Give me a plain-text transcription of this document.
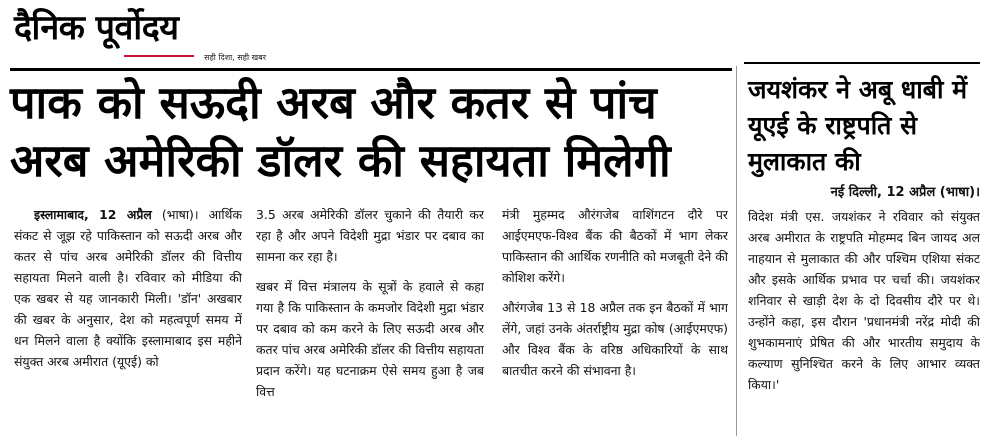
दैनिक पूर्वोदय
सही दिशा, सही खबर
पाक को सऊदी अरब और कतर से पांच
अरब अमेरिकी डॉलर की सहायता मिलेगी

इस्लामाबाद, 12 अप्रैल (भाषा)। आर्थिक संकट से जूझ रहे पाकिस्तान को सऊदी अरब और कतर से पांच अरब अमेरिकी डॉलर की वित्तीय सहायता मिलने वाली है। रविवार को मीडिया की एक खबर से यह जानकारी मिली। 'डॉन' अखबार की खबर के अनुसार, देश को महत्वपूर्ण समय में धन मिलने वाला है क्योंकि इस्लामाबाद इस महीने संयुक्त अरब अमीरात (यूएई) को

3.5 अरब अमेरिकी डॉलर चुकाने की तैयारी कर रहा है और अपने विदेशी मुद्रा भंडार पर दबाव का सामना कर रहा है।

खबर में वित्त मंत्रालय के सूत्रों के हवाले से कहा गया है कि पाकिस्तान के कमजोर विदेशी मुद्रा भंडार पर दबाव को कम करने के लिए सऊदी अरब और कतर पांच अरब अमेरिकी डॉलर की वित्तीय सहायता प्रदान करेंगे। यह घटनाक्रम ऐसे समय हुआ है जब वित्त

मंत्री मुहम्मद औरंगजेब वाशिंगटन दौरे पर आईएमएफ-विश्व बैंक की बैठकों में भाग लेकर पाकिस्तान की आर्थिक रणनीति को मजबूती देने की कोशिश करेंगे।

औरंगजेब 13 से 18 अप्रैल तक इन बैठकों में भाग लेंगे, जहां उनके अंतर्राष्ट्रीय मुद्रा कोष (आईएमएफ) और विश्व बैंक के वरिष्ठ अधिकारियों के साथ बातचीत करने की संभावना है।

जयशंकर ने अबू धाबी में यूएई के राष्ट्रपति से मुलाकात की
नई दिल्ली, 12 अप्रैल (भाषा)।

विदेश मंत्री एस. जयशंकर ने रविवार को संयुक्त अरब अमीरात के राष्ट्रपति मोहम्मद बिन जायद अल नाहयान से मुलाकात की और पश्चिम एशिया संकट और इसके आर्थिक प्रभाव पर चर्चा की। जयशंकर शनिवार से खाड़ी देश के दो दिवसीय दौरे पर थे। उन्होंने कहा, इस दौरान 'प्रधानमंत्री नरेंद्र मोदी की शुभकामनाएं प्रेषित की और भारतीय समुदाय के कल्याण सुनिश्चित करने के लिए आभार व्यक्त किया।'
